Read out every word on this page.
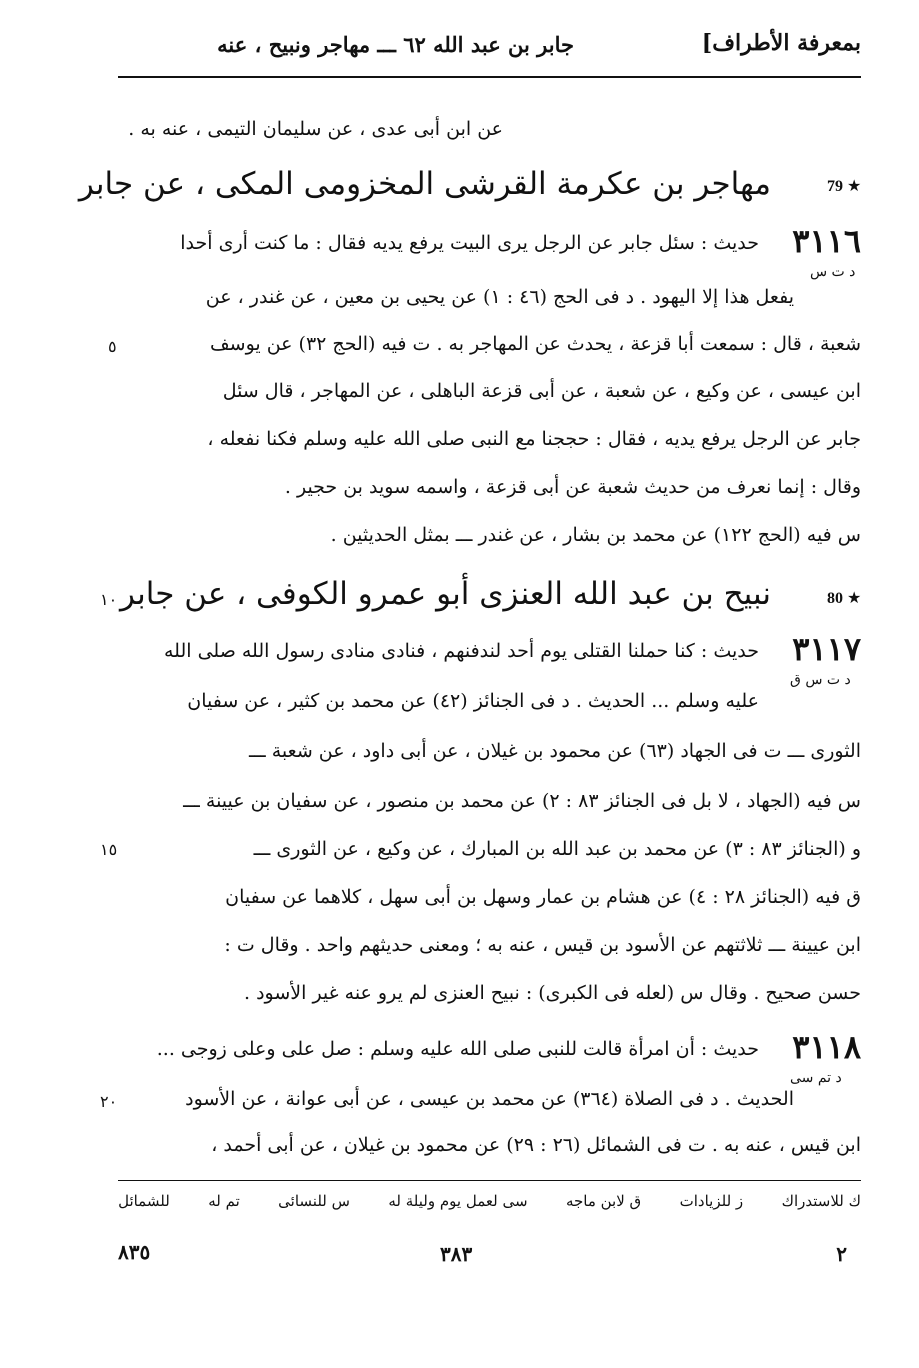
بمعرفة الأطراف]
جابر بن عبد الله ٦٢ ـــ مهاجر ونبيح ، عنه
عن ابن أبى عدى ، عن سليمان التيمى ، عنه به .
79 ★
مهاجر بن عكرمة القرشى المخزومى المكى ، عن جابر
٣١١٦
د ت س
حديث : سئل جابر عن الرجل يرى البيت يرفع يديه فقال : ما كنت أرى أحدا
يفعل هذا إلا اليهود . د فى الحج (٤٦ : ١) عن يحيى بن معين ، عن غندر ، عن
شعبة ، قال : سمعت أبا قزعة ، يحدث عن المهاجر به . ت فيه (الحج ٣٢) عن يوسف
ابن عيسى ، عن وكيع ، عن شعبة ، عن أبى قزعة الباهلى ، عن المهاجر ، قال سئل
جابر عن الرجل يرفع يديه ، فقال : حججنا مع النبى صلى الله عليه وسلم فكنا نفعله ،
وقال : إنما نعرف من حديث شعبة عن أبى قزعة ، واسمه سويد بن حجير .
س فيه (الحج ١٢٢) عن محمد بن بشار ، عن غندر ـــ بمثل الحديثين .
٥
80 ★
نبيح بن عبد الله العنزى أبو عمرو الكوفى ، عن جابر
١٠
٣١١٧
د ت س ق
حديث : كنا حملنا القتلى يوم أحد لندفنهم ، فنادى منادى رسول الله صلى الله
عليه وسلم ... الحديث . د فى الجنائز (٤٢) عن محمد بن كثير ، عن سفيان
الثورى ـــ ت فى الجهاد (٦٣) عن محمود بن غيلان ، عن أبى داود ، عن شعبة ـــ
س فيه (الجهاد ، لا بل فى الجنائز ٨٣ : ٢) عن محمد بن منصور ، عن سفيان بن عيينة ـــ
و (الجنائز ٨٣ : ٣) عن محمد بن عبد الله بن المبارك ، عن وكيع ، عن الثورى ـــ
ق فيه (الجنائز ٢٨ : ٤) عن هشام بن عمار وسهل بن أبى سهل ، كلاهما عن سفيان
ابن عيينة ـــ ثلاثتهم عن الأسود بن قيس ، عنه به ؛ ومعنى حديثهم واحد . وقال ت :
حسن صحيح . وقال س (لعله فى الكبرى) : نبيح العنزى لم يرو عنه غير الأسود .
١٥
٣١١٨
د تم سى
حديث : أن امرأة قالت للنبى صلى الله عليه وسلم : صل على وعلى زوجى ...
الحديث . د فى الصلاة (٣٦٤) عن محمد بن عيسى ، عن أبى عوانة ، عن الأسود
ابن قيس ، عنه به . ت فى الشمائل (٢٦ : ٢٩) عن محمود بن غيلان ، عن أبى أحمد ،
٢٠
ك للاستدراك
ز للزيادات
ق لابن ماجه
سى لعمل يوم وليلة له
س للنسائى
تم له
للشمائل
٨٣٥	٣٨٣	٢
